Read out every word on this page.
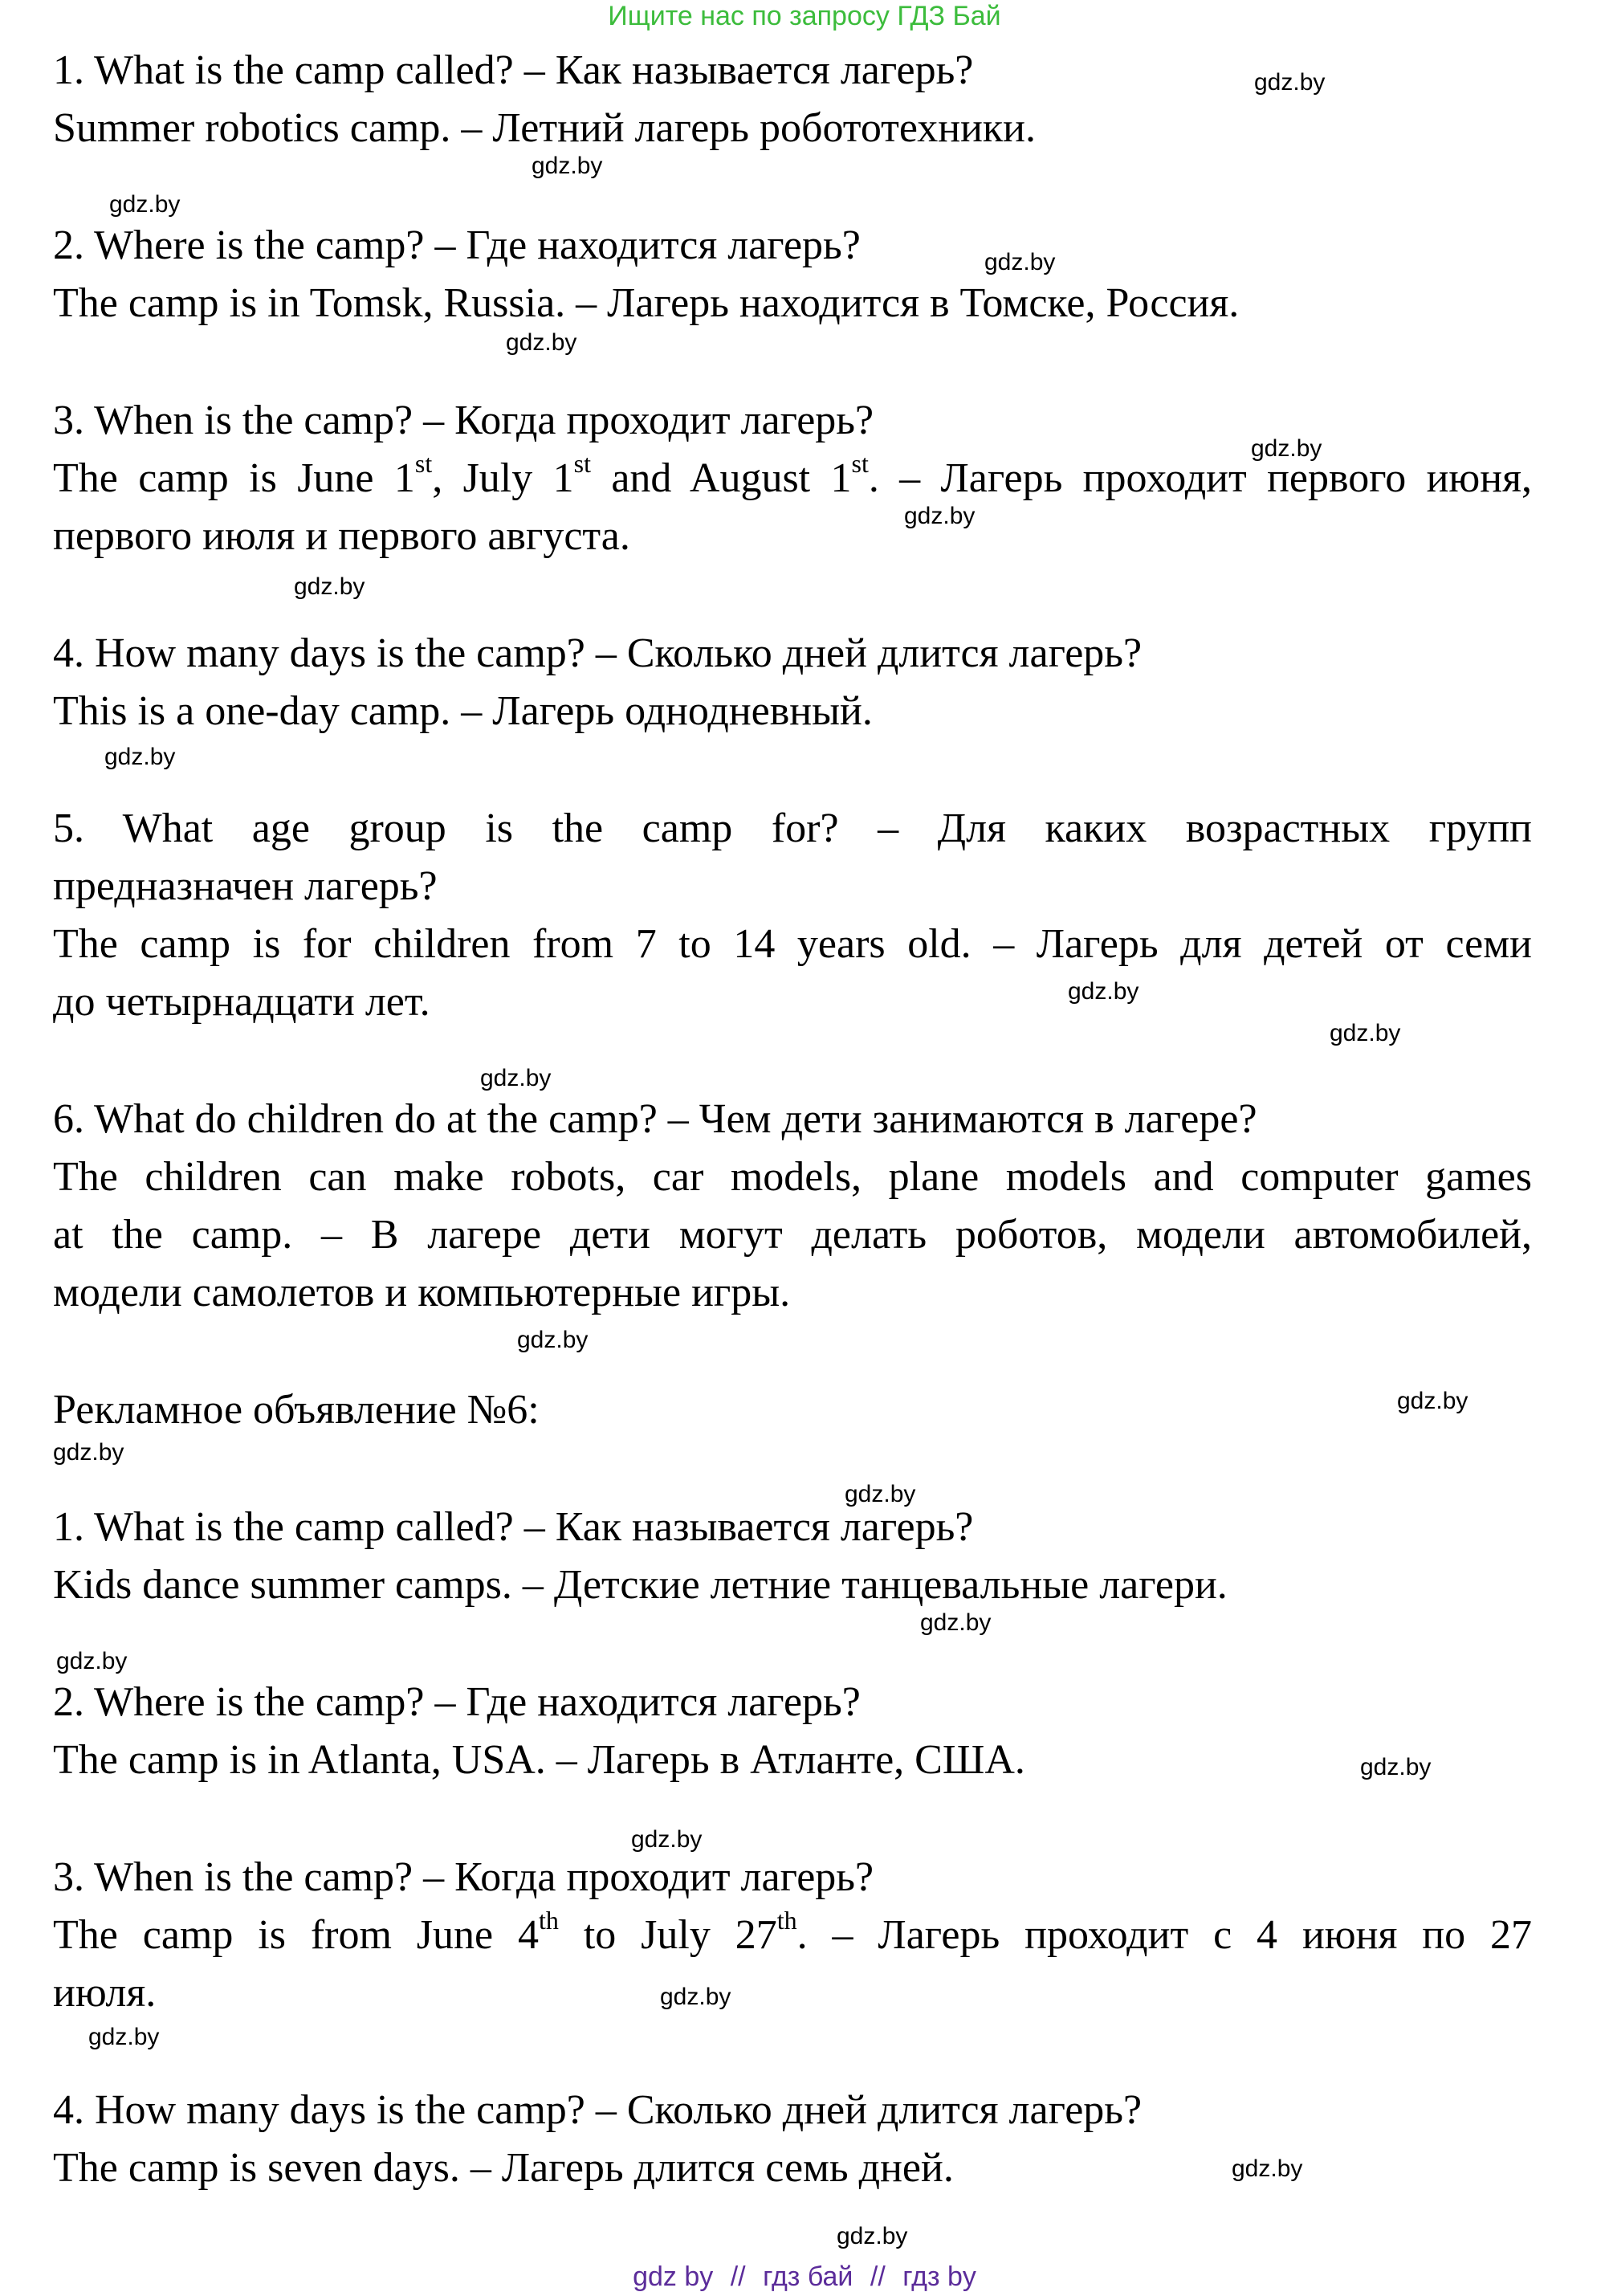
Ищите нас по запросу ГДЗ Бай
1. What is the camp called? – Как называется лагерь?
Summer robotics camp. – Летний лагерь робототехники.
2. Where is the camp? – Где находится лагерь?
The camp is in Tomsk, Russia. – Лагерь находится в Томске, Россия.
3. When is the camp? – Когда проходит лагерь?
The camp is June 1st, July 1st and August 1st. – Лагерь проходит первого июня,
первого июля и первого августа.
4. How many days is the camp? – Сколько дней длится лагерь?
This is a one-day camp. – Лагерь однодневный.
5. What age group is the camp for? – Для каких возрастных групп
предназначен лагерь?
The camp is for children from 7 to 14 years old. – Лагерь для детей от семи
до четырнадцати лет.
6. What do children do at the camp? – Чем дети занимаются в лагере?
The children can make robots, car models, plane models and computer games
at the camp. – В лагере дети могут делать роботов, модели автомобилей,
модели самолетов и компьютерные игры.
Рекламное объявление №6:
1. What is the camp called? – Как называется лагерь?
Kids dance summer camps. – Детские летние танцевальные лагери.
2. Where is the camp? – Где находится лагерь?
The camp is in Atlanta, USA. – Лагерь в Атланте, США.
3. When is the camp? – Когда проходит лагерь?
The camp is from June 4th to July 27th. – Лагерь проходит с 4 июня по 27
июля.
4. How many days is the camp? – Сколько дней длится лагерь?
The camp is seven days. – Лагерь длится семь дней.
gdz.by
gdz.by
gdz.by
gdz.by
gdz.by
gdz.by
gdz.by
gdz.by
gdz.by
gdz.by
gdz.by
gdz.by
gdz.by
gdz.by
gdz.by
gdz.by
gdz.by
gdz.by
gdz.by
gdz.by
gdz.by
gdz.by
gdz.by
gdz.by
gdz by // гдз бай // гдз by
